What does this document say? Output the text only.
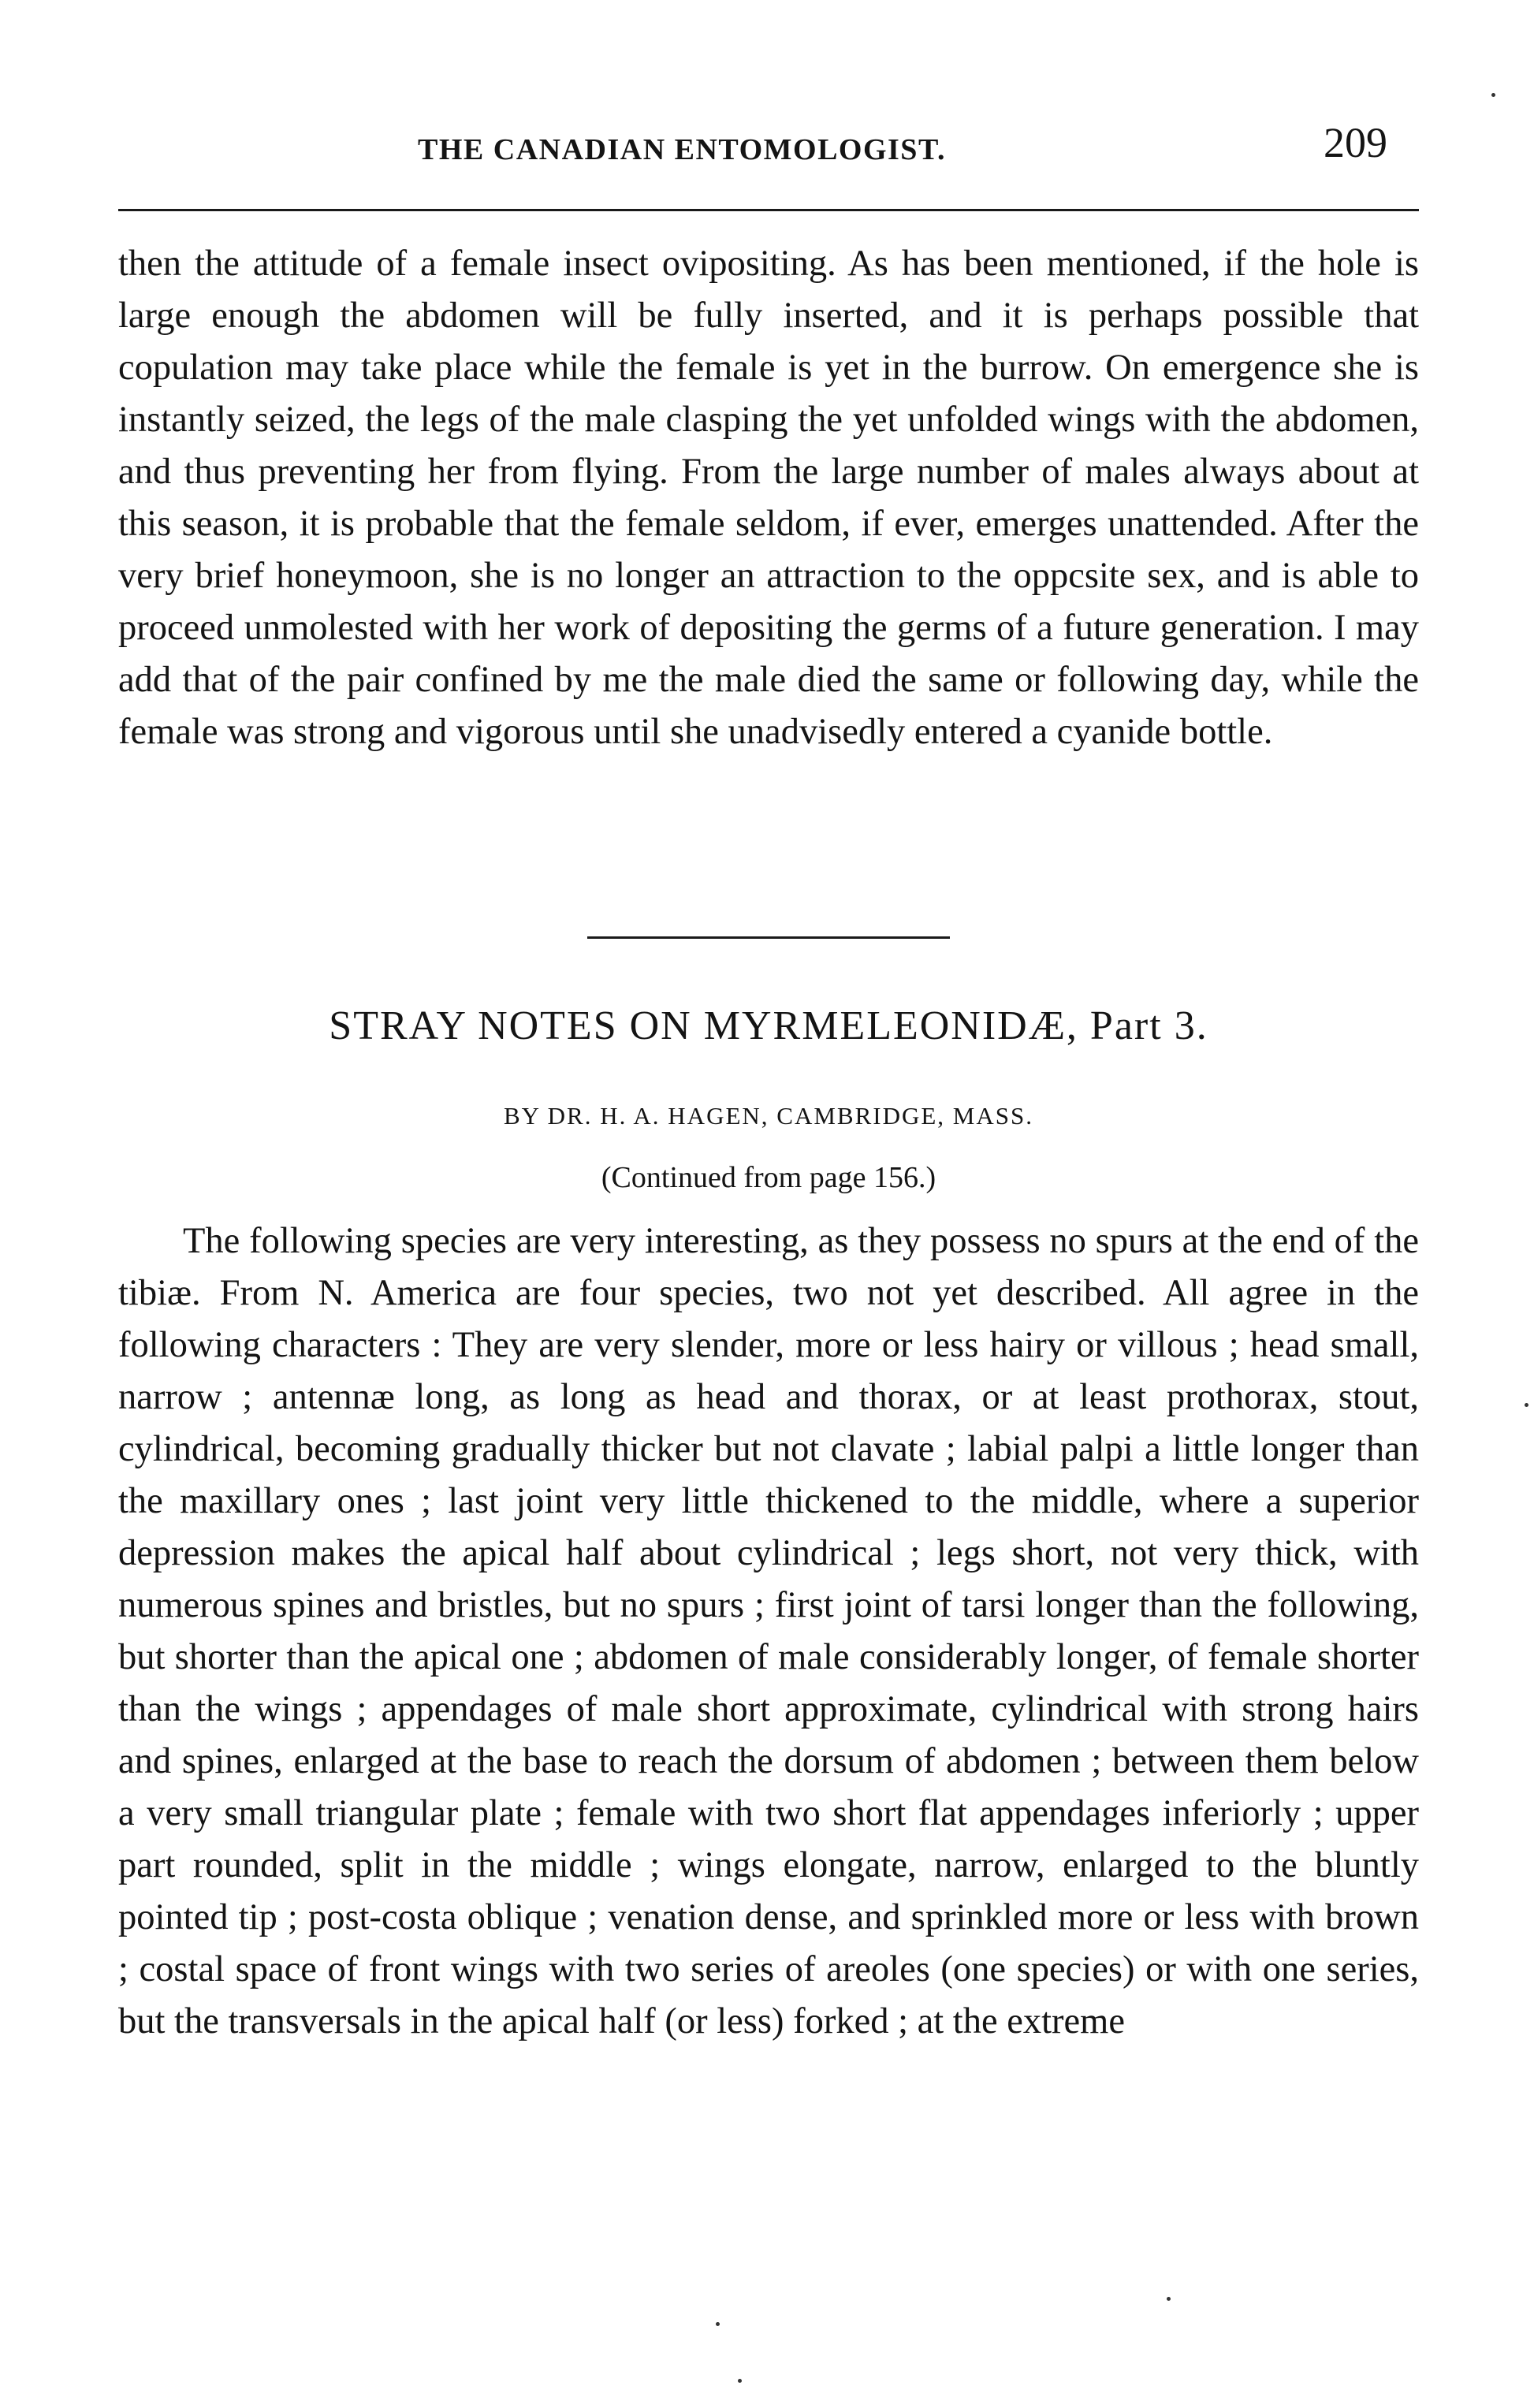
THE CANADIAN ENTOMOLOGIST.	209

then the attitude of a female insect ovipositing. As has been mentioned, if the hole is large enough the abdomen will be fully inserted, and it is perhaps possible that copulation may take place while the female is yet in the burrow. On emergence she is instantly seized, the legs of the male clasping the yet unfolded wings with the abdomen, and thus preventing her from flying. From the large number of males always about at this season, it is probable that the female seldom, if ever, emerges unattended. After the very brief honeymoon, she is no longer an attraction to the oppcsite sex, and is able to proceed unmolested with her work of depositing the germs of a future generation. I may add that of the pair confined by me the male died the same or following day, while the female was strong and vigorous until she unadvisedly entered a cyanide bottle.

STRAY NOTES ON MYRMELEONIDÆ, Part 3.
BY DR. H. A. HAGEN, CAMBRIDGE, MASS.
(Continued from page 156.)

The following species are very interesting, as they possess no spurs at the end of the tibiæ. From N. America are four species, two not yet described. All agree in the following characters : They are very slender, more or less hairy or villous ; head small, narrow ; antennæ long, as long as head and thorax, or at least prothorax, stout, cylindrical, becoming gradually thicker but not clavate ; labial palpi a little longer than the maxillary ones ; last joint very little thickened to the middle, where a superior depression makes the apical half about cylindrical ; legs short, not very thick, with numerous spines and bristles, but no spurs ; first joint of tarsi longer than the following, but shorter than the apical one ; abdomen of male considerably longer, of female shorter than the wings ; appendages of male short approximate, cylindrical with strong hairs and spines, enlarged at the base to reach the dorsum of abdomen ; between them below a very small triangular plate ; female with two short flat appendages inferiorly ; upper part rounded, split in the middle ; wings elongate, narrow, enlarged to the bluntly pointed tip ; post-costa oblique ; venation dense, and sprinkled more or less with brown ; costal space of front wings with two series of areoles (one species) or with one series, but the transversals in the apical half (or less) forked ; at the extreme
